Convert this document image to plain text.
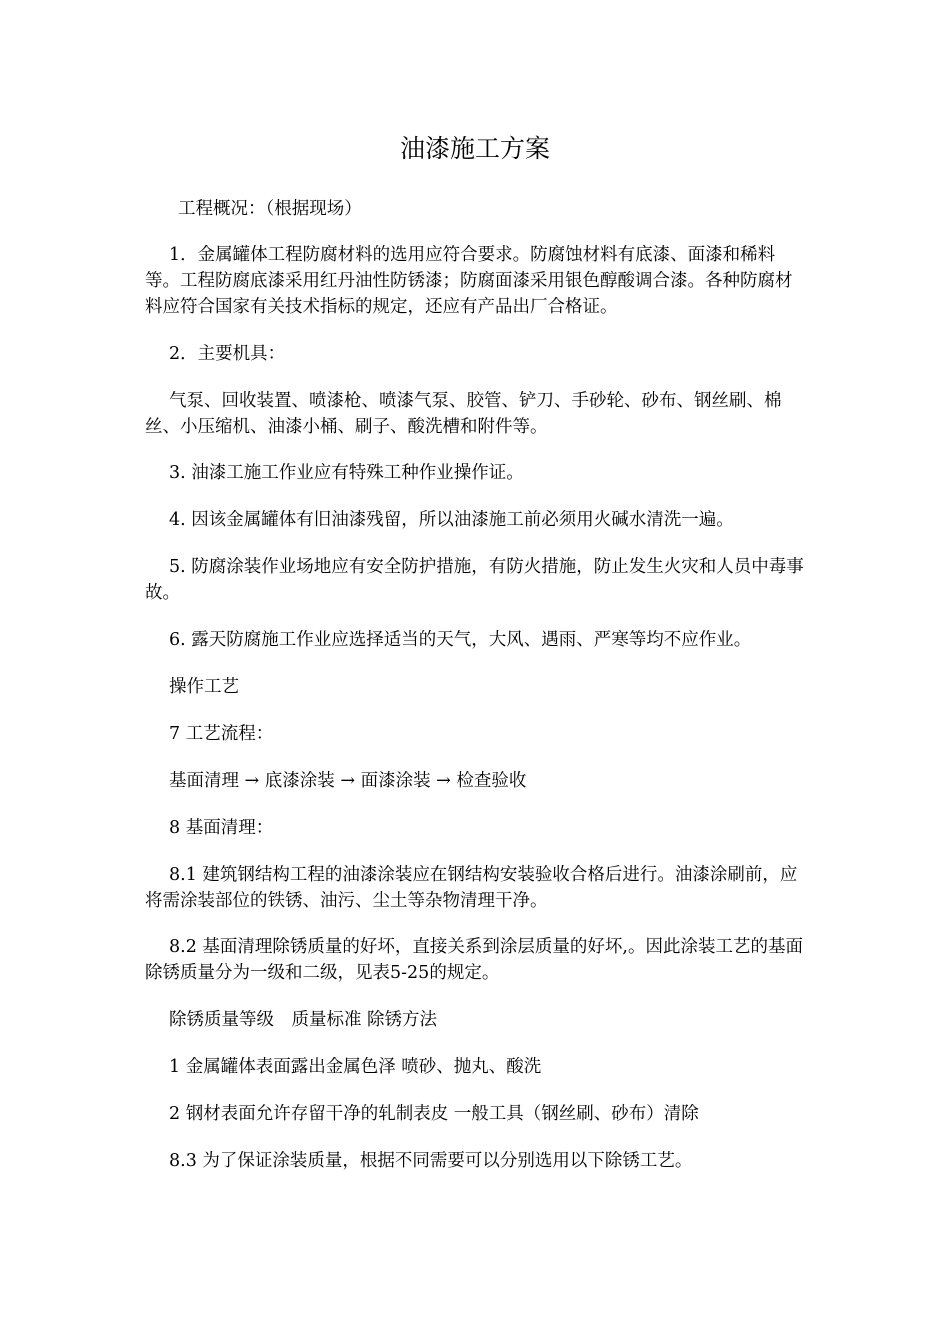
油漆施工方案

工程概况：（根据现场）

1．金属罐体工程防腐材料的选用应符合要求。防腐蚀材料有底漆、面漆和稀料等。工程防腐底漆采用红丹油性防锈漆；防腐面漆采用银色醇酸调合漆。各种防腐材料应符合国家有关技术指标的规定，还应有产品出厂合格证。

2．主要机具：

气泵、回收装置、喷漆枪、喷漆气泵、胶管、铲刀、手砂轮、砂布、钢丝刷、棉丝、小压缩机、油漆小桶、刷子、酸洗槽和附件等。

3. 油漆工施工作业应有特殊工种作业操作证。

4. 因该金属罐体有旧油漆残留，所以油漆施工前必须用火碱水清洗一遍。

5. 防腐涂装作业场地应有安全防护措施，有防火措施，防止发生火灾和人员中毒事故。

6. 露天防腐施工作业应选择适当的天气，大风、遇雨、严寒等均不应作业。

操作工艺

7 工艺流程：

基面清理 → 底漆涂装 → 面漆涂装 → 检查验收

8 基面清理：

8.1 建筑钢结构工程的油漆涂装应在钢结构安装验收合格后进行。油漆涂刷前，应将需涂装部位的铁锈、油污、尘土等杂物清理干净。

8.2 基面清理除锈质量的好坏，直接关系到涂层质量的好坏,。因此涂装工艺的基面除锈质量分为一级和二级，见表5-25的规定。

除锈质量等级　质量标准 除锈方法

1 金属罐体表面露出金属色泽 喷砂、抛丸、酸洗

2 钢材表面允许存留干净的轧制表皮 一般工具（钢丝刷、砂布）清除

8.3 为了保证涂装质量，根据不同需要可以分别选用以下除锈工艺。
